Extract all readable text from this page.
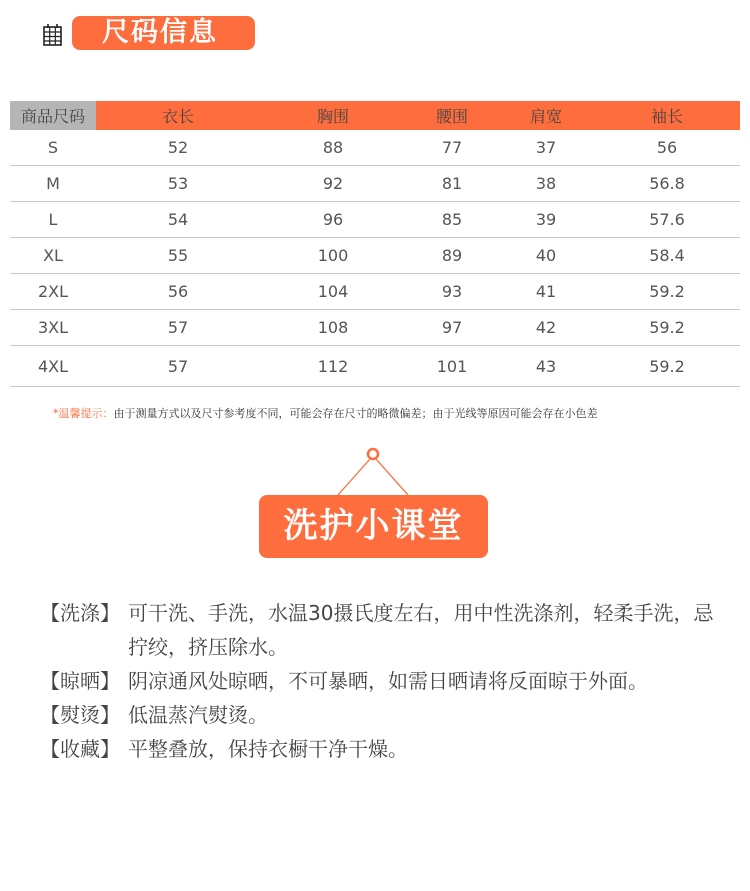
尺码信息
商品尺码	衣长	胸围	腰围	肩宽	袖长
S	52	88	77	37	56
M	53	92	81	38	56.8
L	54	96	85	39	57.6
XL	55	100	89	40	58.4
2XL	56	104	93	41	59.2
3XL	57	108	97	42	59.2
4XL	57	112	101	43	59.2
*温馨提示：由于测量方式以及尺寸参考度不同，可能会存在尺寸的略微偏差；由于光线等原因可能会存在小色差
洗护小课堂
【洗涤】 可干洗、手洗，水温30摄氏度左右，用中性洗涤剂，轻柔手洗，忌拧绞，挤压除水。
【晾晒】 阴凉通风处晾晒，不可暴晒，如需日晒请将反面晾于外面。
【熨烫】 低温蒸汽熨烫。
【收藏】 平整叠放，保持衣橱干净干燥。
